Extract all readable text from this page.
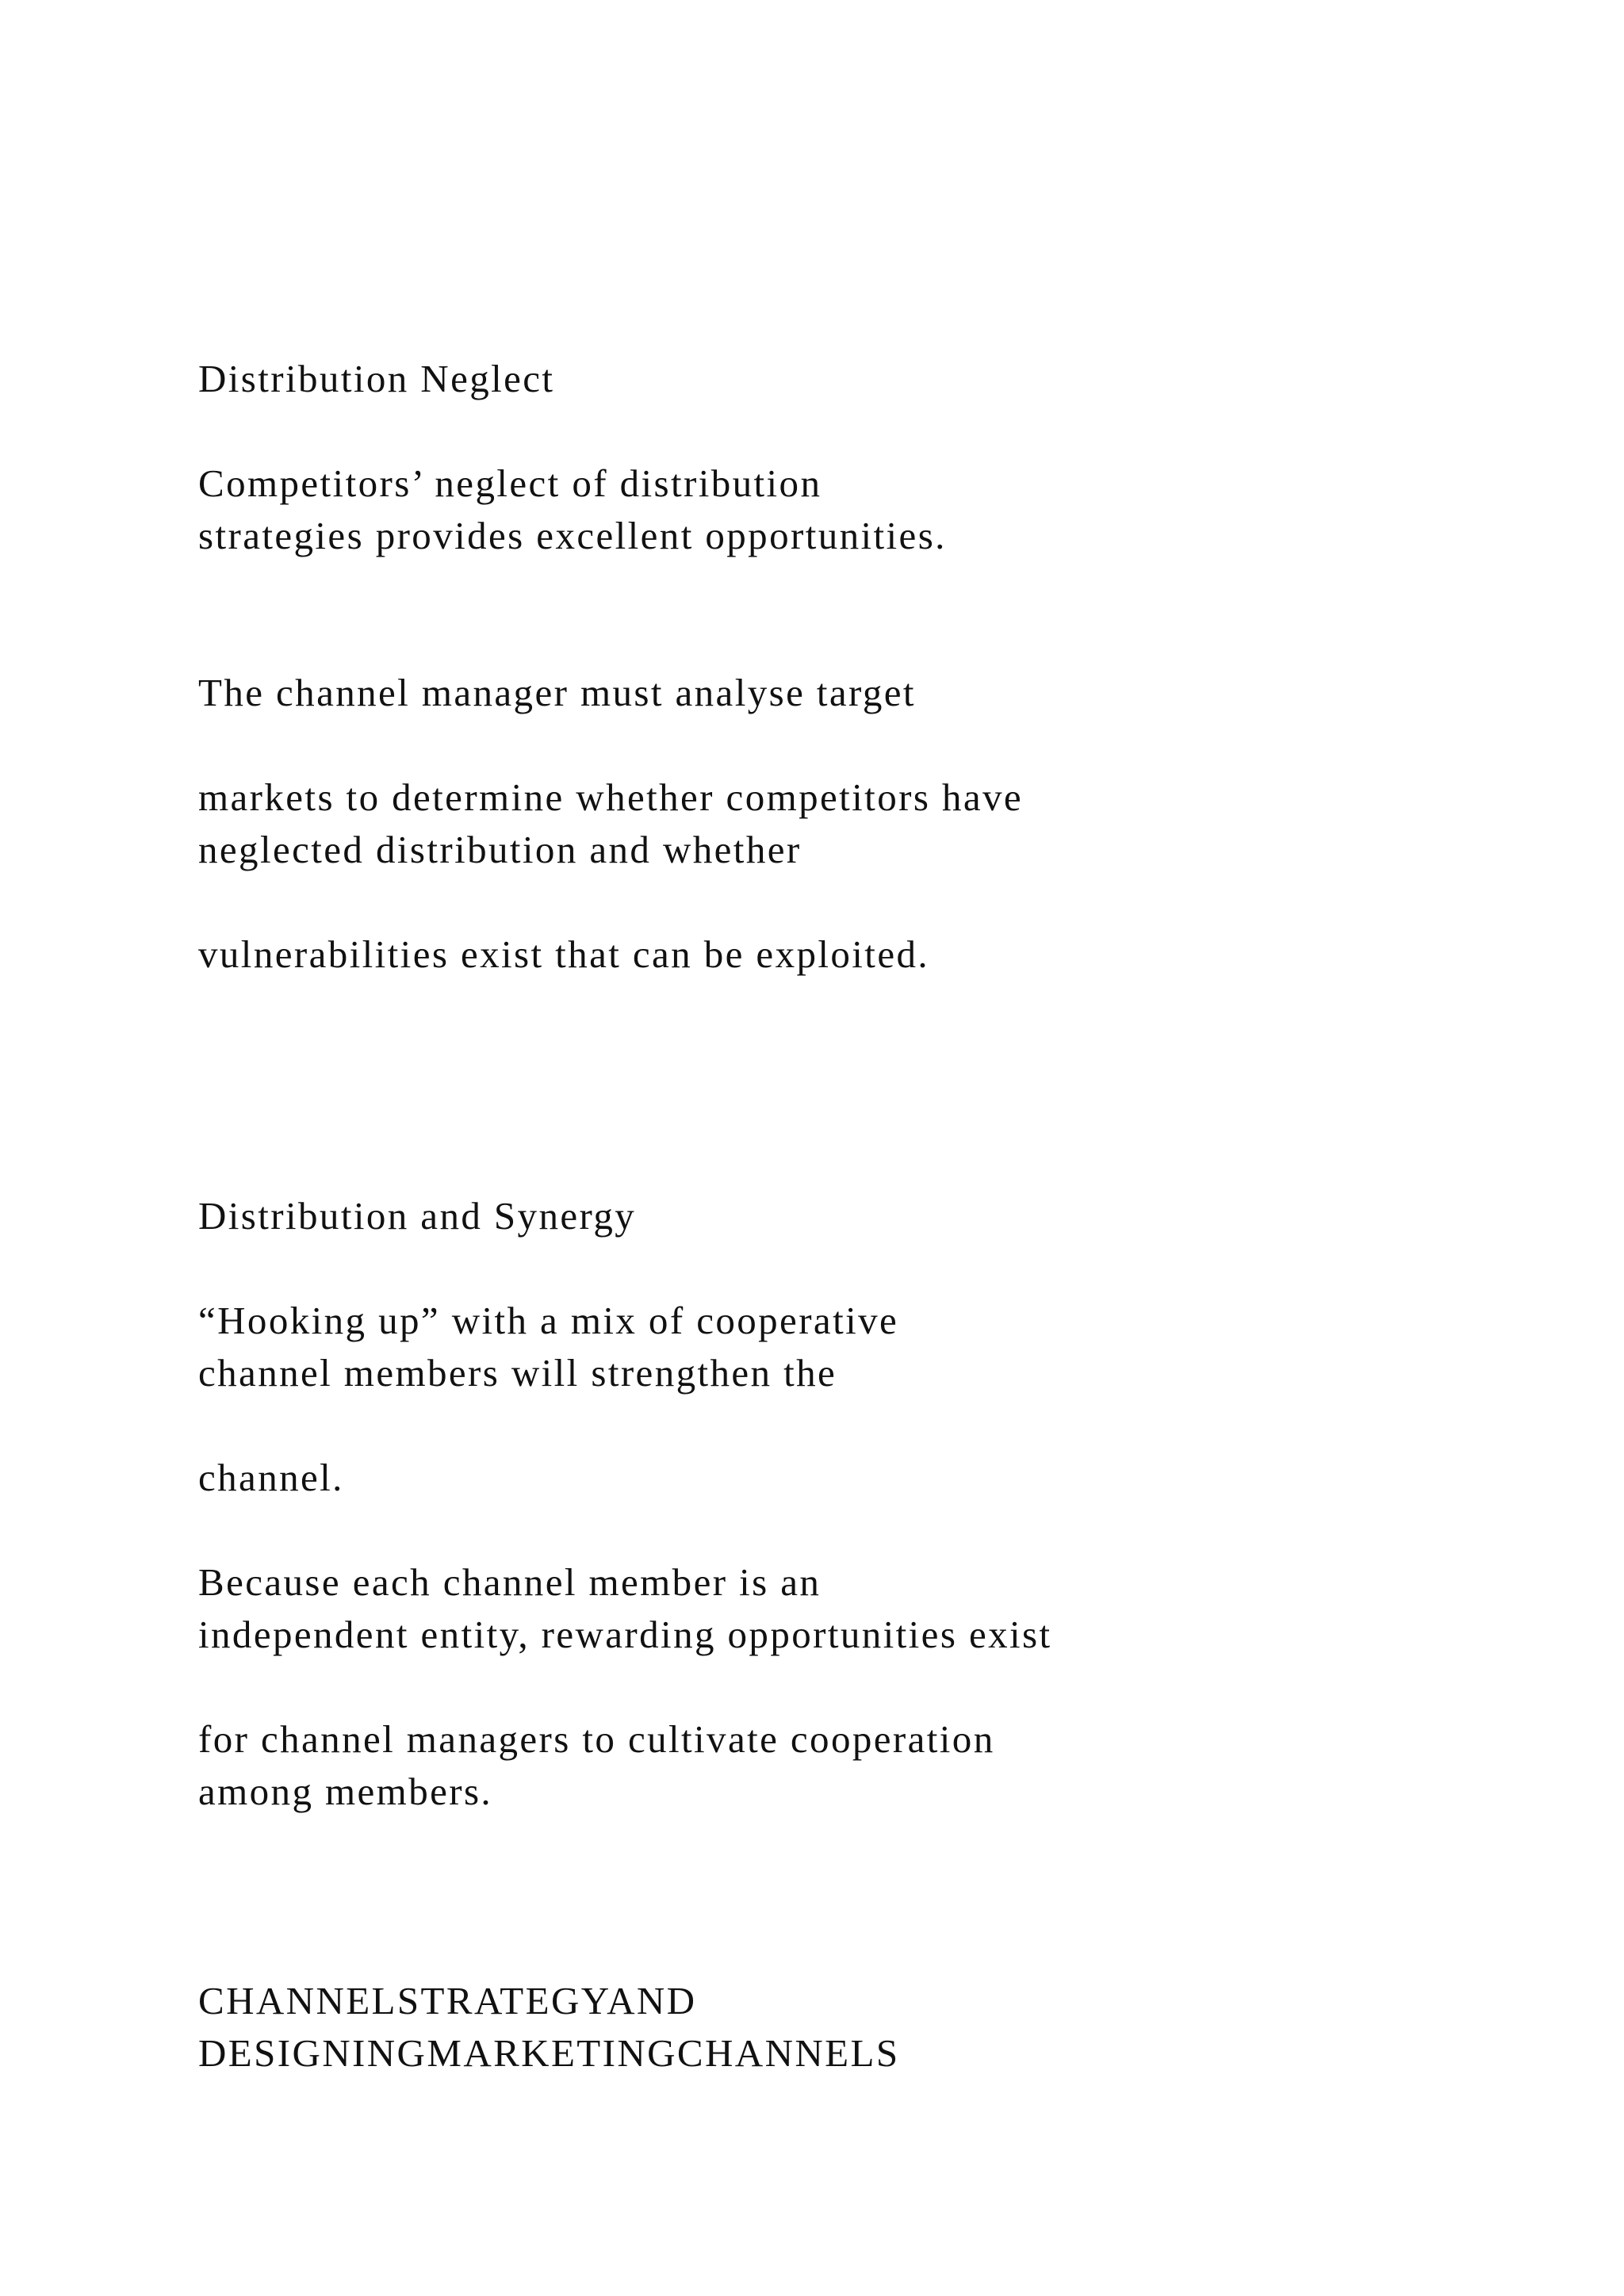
Distribution Neglect

Competitors’ neglect of distribution

strategies provides excellent opportunities.

The channel manager must analyse target

markets to determine whether competitors have

neglected distribution and whether

vulnerabilities exist that can be exploited.

Distribution and Synergy

“Hooking up” with a mix of cooperative

channel members will strengthen the

channel.

Because each channel member is an

independent entity, rewarding opportunities exist

for channel managers to cultivate cooperation

among members.

CHANNELSTRATEGYAND

DESIGNINGMARKETINGCHANNELS
